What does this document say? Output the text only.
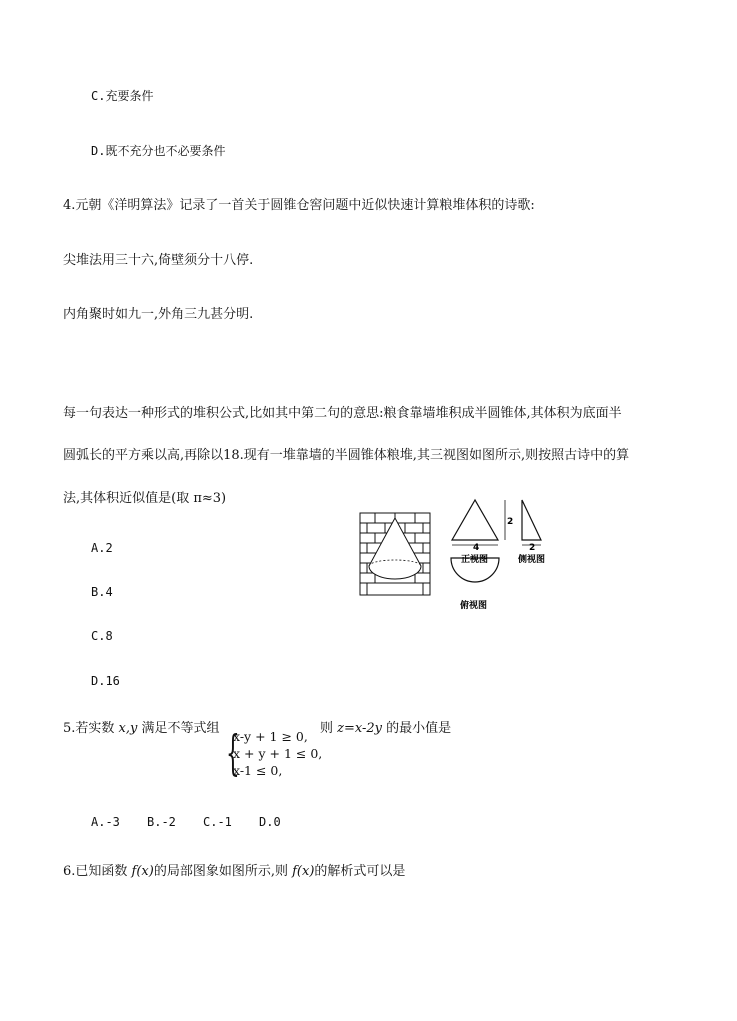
C.充要条件
D.既不充分也不必要条件
4.元朝《洋明算法》记录了一首关于圆锥仓窖问题中近似快速计算粮堆体积的诗歌:
尖堆法用三十六,倚壁须分十八停.
内角聚时如九一,外角三九甚分明.
每一句表达一种形式的堆积公式,比如其中第二句的意思:粮食靠墙堆积成半圆锥体,其体积为底面半
圆弧长的平方乘以高,再除以18.现有一堆靠墙的半圆锥体粮堆,其三视图如图所示,则按照古诗中的算
法,其体积近似值是(取 π≈3)
A.2
B.4
C.8
D.16
4
2
2
正视图	侧视图
俯视图
5.若实数 x,y 满足不等式组 {
x-y + 1 ≥ 0,
x + y + 1 ≤ 0,
x-1 ≤ 0,
则 z=x-2y 的最小值是
A.-3 B.-2 C.-1 D.0
6.已知函数 f(x)的局部图象如图所示,则 f(x)的解析式可以是
